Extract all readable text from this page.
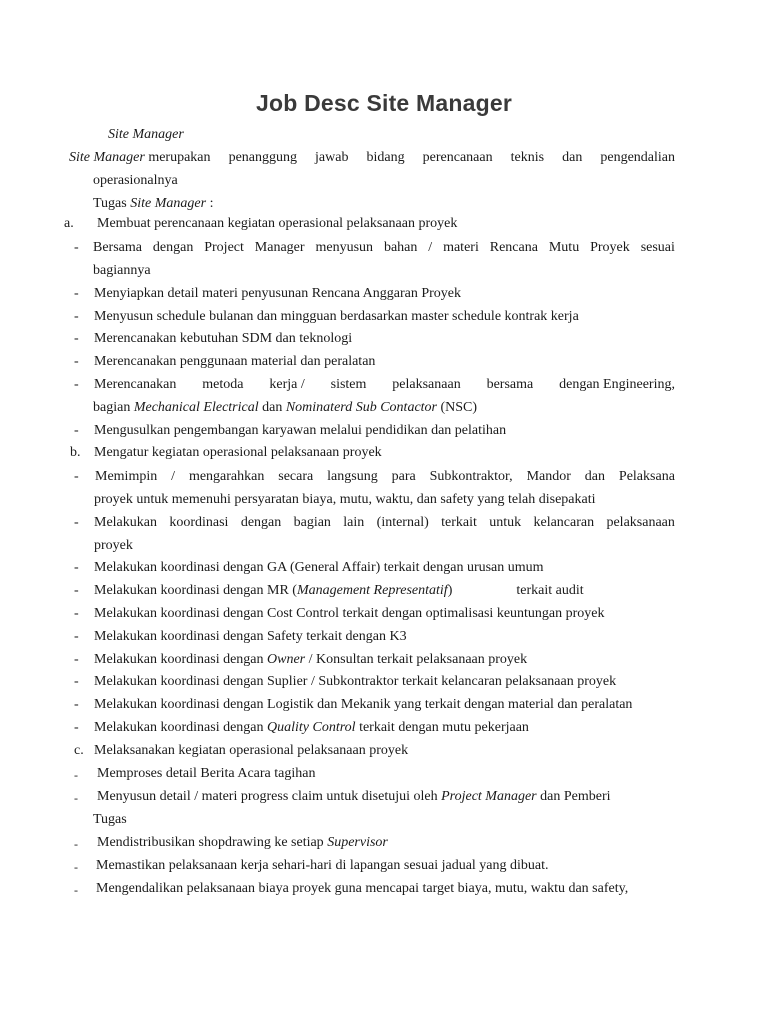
Job Desc Site Manager
Site Manager
Site Manager merupakan penanggung jawab bidang perencanaan teknis dan pengendalian
operasionalnya
Tugas Site Manager :
a. Membuat perencanaan kegiatan operasional pelaksanaan proyek
- Bersama dengan Project Manager menyusun bahan / materi Rencana Mutu Proyek sesuai
bagiannya
- Menyiapkan detail materi penyusunan Rencana Anggaran Proyek
- Menyusun schedule bulanan dan mingguan berdasarkan master schedule kontrak kerja
- Merencanakan kebutuhan SDM dan teknologi
- Merencanakan penggunaan material dan peralatan
- Merencanakan metoda kerja / sistem pelaksanaan bersama dengan Engineering,
bagian Mechanical Electrical dan Nominaterd Sub Contactor (NSC)
- Mengusulkan pengembangan karyawan melalui pendidikan dan pelatihan
b. Mengatur kegiatan operasional pelaksanaan proyek
- Memimpin / mengarahkan secara langsung para Subkontraktor, Mandor dan Pelaksana
proyek untuk memenuhi persyaratan biaya, mutu, waktu, dan safety yang telah disepakati
- Melakukan koordinasi dengan bagian lain (internal) terkait untuk kelancaran pelaksanaan
proyek
- Melakukan koordinasi dengan GA (General Affair) terkait dengan urusan umum
- Melakukan koordinasi dengan MR (Management Representatif)	terkait audit
- Melakukan koordinasi dengan Cost Control terkait dengan optimalisasi keuntungan proyek
- Melakukan koordinasi dengan Safety terkait dengan K3
- Melakukan koordinasi dengan Owner / Konsultan terkait pelaksanaan proyek
- Melakukan koordinasi dengan Suplier / Subkontraktor terkait kelancaran pelaksanaan proyek
- Melakukan koordinasi dengan Logistik dan Mekanik yang terkait dengan material dan peralatan
- Melakukan koordinasi dengan Quality Control terkait dengan mutu pekerjaan
c. Melaksanakan kegiatan operasional pelaksanaan proyek
- Memproses detail Berita Acara tagihan
- Menyusun detail / materi progress claim untuk disetujui oleh Project Manager dan Pemberi
Tugas
- Mendistribusikan shopdrawing ke setiap Supervisor
- Memastikan pelaksanaan kerja sehari-hari di lapangan sesuai jadual yang dibuat.
- Mengendalikan pelaksanaan biaya proyek guna mencapai target biaya, mutu, waktu dan safety,
